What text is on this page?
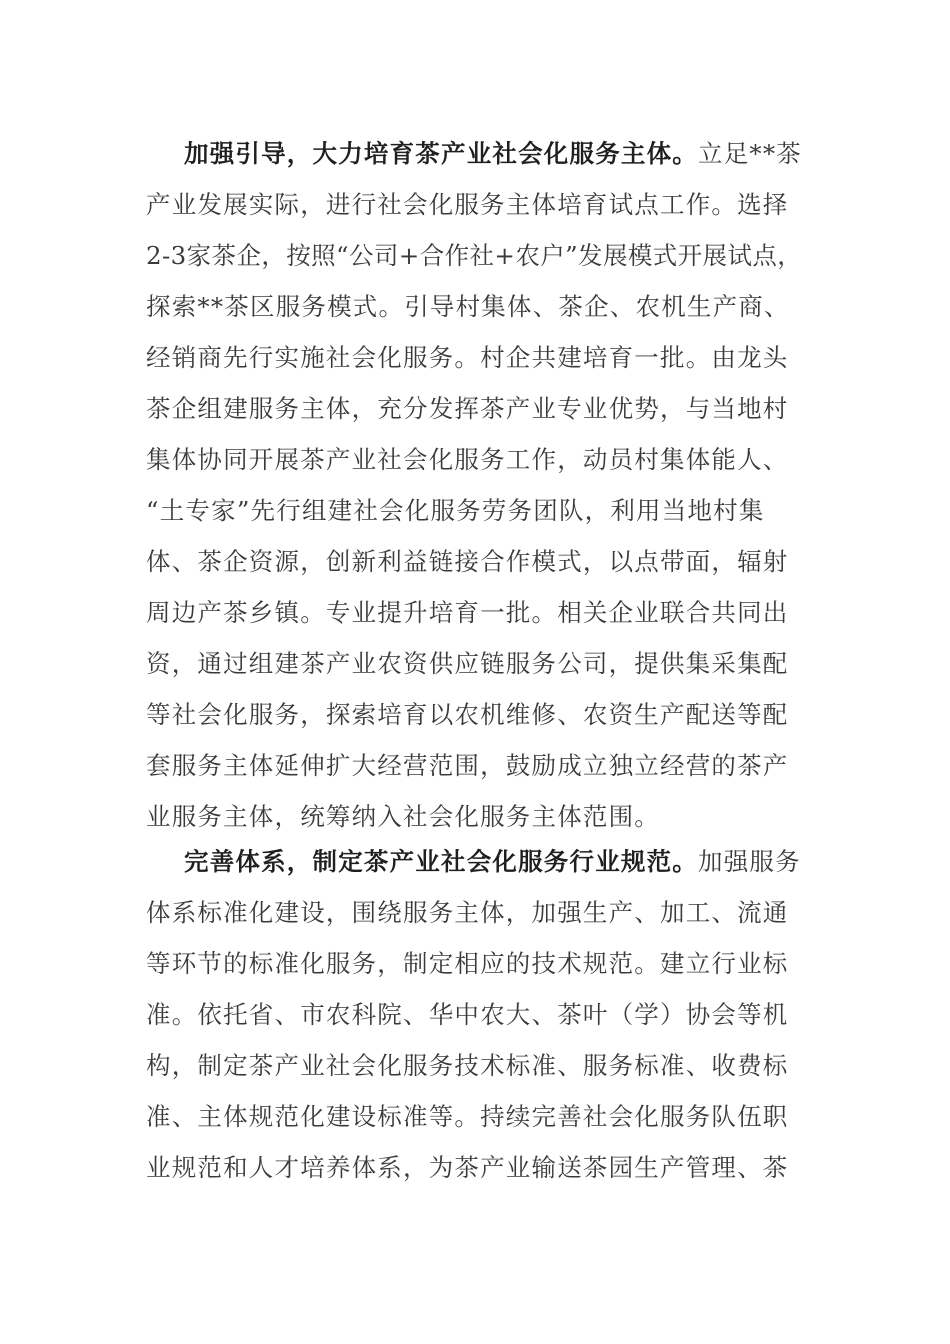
加强引导，大力培育茶产业社会化服务主体。立足**茶
产业发展实际，进行社会化服务主体培育试点工作。选择
2-3家茶企，按照“公司+合作社+农户”发展模式开展试点，
探索**茶区服务模式。引导村集体、茶企、农机生产商、
经销商先行实施社会化服务。村企共建培育一批。由龙头
茶企组建服务主体，充分发挥茶产业专业优势，与当地村
集体协同开展茶产业社会化服务工作，动员村集体能人、
“土专家”先行组建社会化服务劳务团队，利用当地村集
体、茶企资源，创新利益链接合作模式，以点带面，辐射
周边产茶乡镇。专业提升培育一批。相关企业联合共同出
资，通过组建茶产业农资供应链服务公司，提供集采集配
等社会化服务，探索培育以农机维修、农资生产配送等配
套服务主体延伸扩大经营范围，鼓励成立独立经营的茶产
业服务主体，统筹纳入社会化服务主体范围。

完善体系，制定茶产业社会化服务行业规范。加强服务
体系标准化建设，围绕服务主体，加强生产、加工、流通
等环节的标准化服务，制定相应的技术规范。建立行业标
准。依托省、市农科院、华中农大、茶叶（学）协会等机
构，制定茶产业社会化服务技术标准、服务标准、收费标
准、主体规范化建设标准等。持续完善社会化服务队伍职
业规范和人才培养体系，为茶产业输送茶园生产管理、茶
